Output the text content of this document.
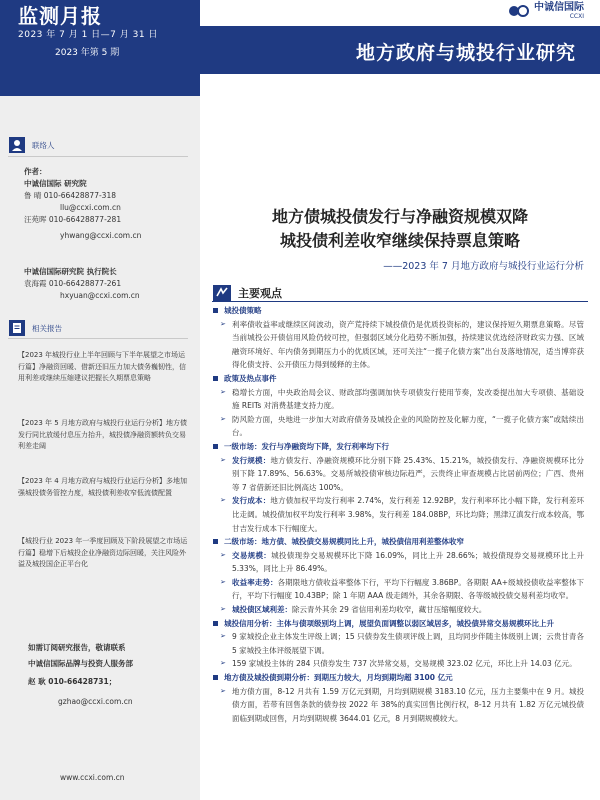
监测月报
2023 年 7 月 1 日—7 月 31 日
2023 年第 5 期
中诚信国际
CCXI
地方政府与城投行业研究
联络人
作者：
中诚信国际 研究院
鲁 晴 010-66428877-318
llu@ccxi.com.cn
汪苑晖 010-66428877-281
yhwang@ccxi.com.cn
中诚信国际研究院 执行院长
袁海霞 010-66428877-261
hxyuan@ccxi.com.cn
相关报告
【2023 年城投行业上半年回顾与下半年展望之市场运行篇】净融资回暖、借新还旧压力加大债务巍韧性，信用利差或继续压缩建议把握长久期票息策略
【2023 年 5 月地方政府与城投行业运行分析】地方债发行同比放缓付息压力抬升，城投债净融资额转负交易利差走阔
【2023 年 4 月地方政府与城投行业运行分析】多地加强城投债务管控力度，城投债利差收窄低流债配置
【城投行业 2023 年一季度回顾及下阶段展望之市场运行篇】稳增下后城投企业净融资边际回暖，关注风险外溢及城投国企正平台化
如需订阅研究报告，敬请联系
中诚信国际品牌与投资人服务部
赵 耿 010-66428731；
gzhao@ccxi.com.cn
www.ccxi.com.cn
地方债城投债发行与净融资规模双降
城投债利差收窄继续保持票息策略
——2023 年 7 月地方政府与城投行业运行分析
主要观点
城投债策略
➢ 利率债收益率或继续区间波动，资产荒持续下城投债仍是优质投资标的，建议保持短久期票息策略。尽管当前城投公开债信用风险仍较可控，但强弱区域分化趋势不断加强，持续建议优选经济财政实力强、区域融资环境好、年内债务到期压力小的优质区域，还可关注“一揽子化债方案”出台及落地情况，适当博弈获得化债支持、公开债压力得到缓释的主体。
政策及热点事件
➢ 稳增长方面，中央政治局会议、财政部均强调加快专项债发行使用节奏，发改委提出加大专项债、基础设施 REITs 对消费基建支持力度。
➢ 防风险方面，央地进一步加大对政府债务及城投企业的风险防控及化解力度，“一揽子化债方案”或陆续出台。
一级市场：发行与净融资均下降，发行利率均下行
➢ 发行规模：地方债发行、净融资规模环比分别下降 25.43%、15.21%，城投债发行、净融资规模环比分别下降 17.89%、56.63%。交易所城投债审核边际趋严，云贵终止审查规模占比居前两位；广西、贵州等 7 省借新还旧比例高达 100%。
➢ 发行成本：地方债加权平均发行利率 2.74%，发行利差 12.92BP，发行利率环比小幅下降，发行利差环比走阔。城投债加权平均发行利率 3.98%，发行利差 184.08BP，环比均降；黑津辽滇发行成本较高，鄂甘吉发行成本下行幅度大。
二级市场：地方债、城投债交易规模同比上升，城投债信用利差整体收窄
➢ 交易规模：城投债现券交易规模环比下降 16.09%，同比上升 28.66%；城投债现券交易规模环比上升 5.33%，同比上升 86.49%。
➢ 收益率走势：各期限地方债收益率整体下行，平均下行幅度 3.86BP。各期限 AA+级城投债收益率整体下行，平均下行幅度 10.43BP；除 1 年期 AAA 级走阔外，其余各期限、各等级城投债交易利差均收窄。
➢ 城投债区域利差：除云青外其余 29 省信用利差均收窄，藏甘压缩幅度较大。
城投信用分析：主体与债项级别均上调，展望负面调整以弱区域居多，城投债异常交易规模环比上升
➢ 9 家城投企业主体发生评级上调；15 只债券发生债项评级上调，且均同步伴随主体级别上调；云贵甘青各 5 家城投主体评级展望下调。
➢ 159 家城投主体的 284 只债券发生 737 次异常交易，交易规模 323.02 亿元，环比上升 14.03 亿元。
地方债及城投债到期分析：到期压力较大，月均到期均超 3100 亿元
➢ 地方债方面，8-12 月共有 1.59 万亿元到期，月均到期规模 3183.10 亿元，压力主要集中在 9 月。城投债方面，若带有回售条款的债券按 2022 年 38%的真实回售比例行权，8-12 月共有 1.82 万亿元城投债面临到期或回售，月均到期规模 3644.01 亿元，8 月到期规模较大。
